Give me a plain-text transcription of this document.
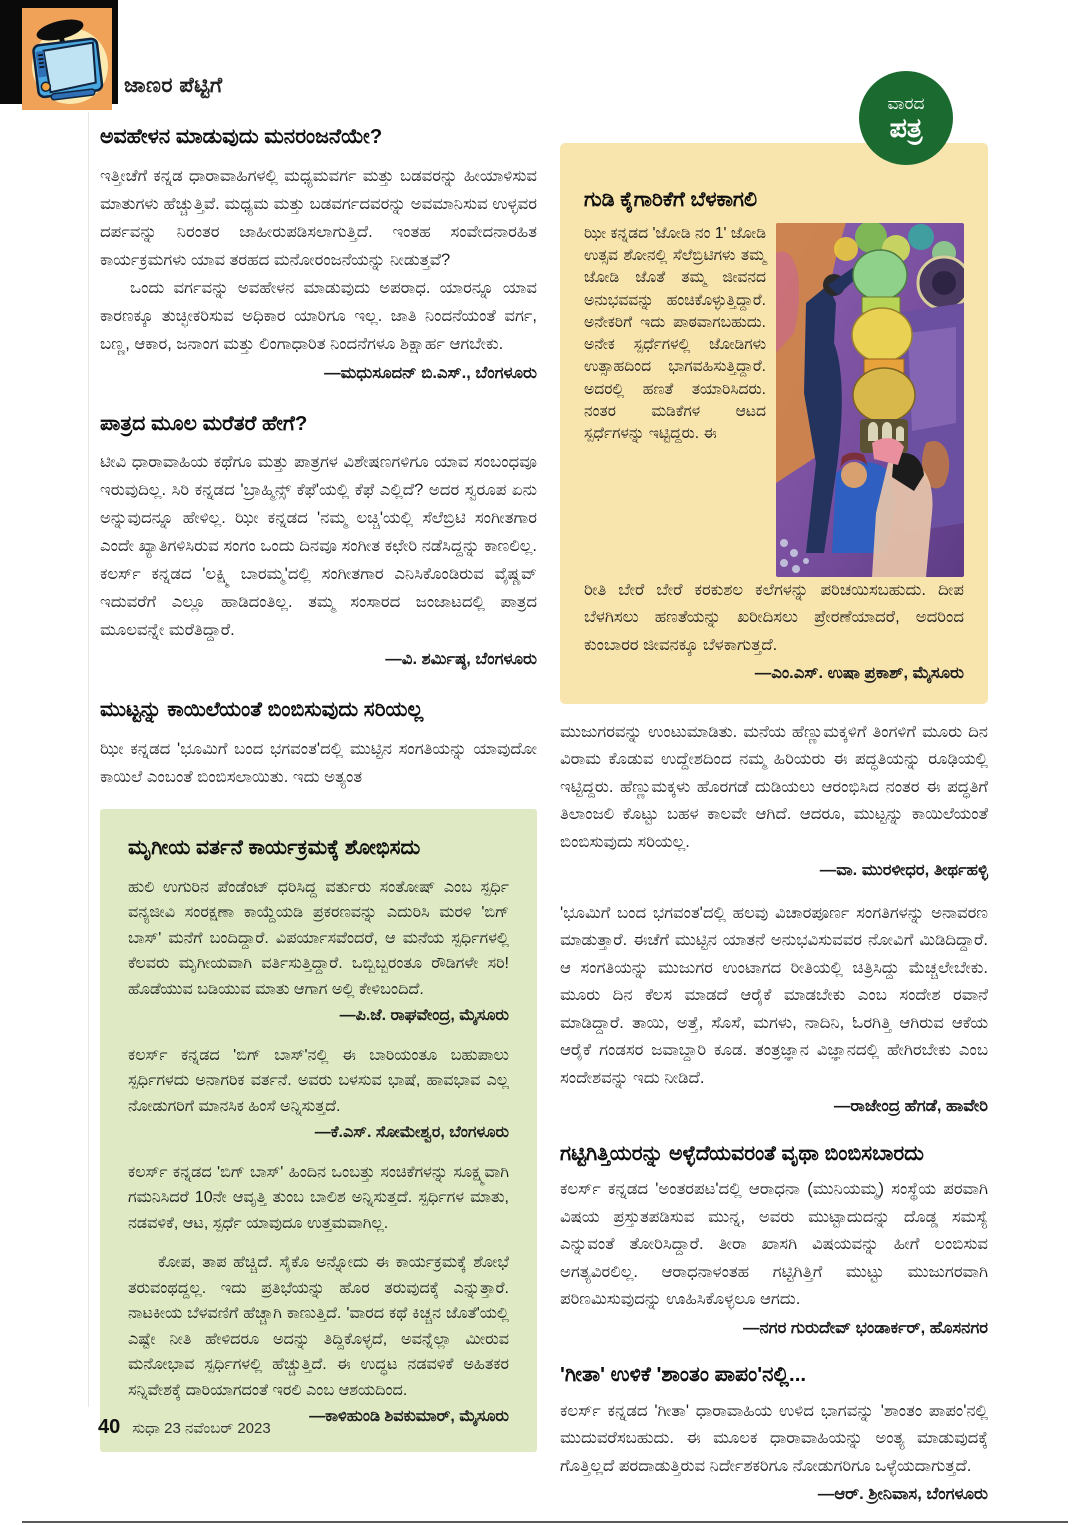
ಜಾಣರ ಪೆಟ್ಟಿಗೆ
ವಾರದ
ಪತ್ರ
ಅವಹೇಳನ ಮಾಡುವುದು ಮನರಂಜನೆಯೇ?

ಇತ್ತೀಚೆಗೆ ಕನ್ನಡ ಧಾರಾವಾಹಿಗಳಲ್ಲಿ ಮಧ್ಯಮವರ್ಗ ಮತ್ತು ಬಡವರನ್ನು ಹೀಯಾಳಿಸುವ ಮಾತುಗಳು ಹೆಚ್ಚುತ್ತಿವೆ. ಮಧ್ಯಮ ಮತ್ತು ಬಡವರ್ಗದವರನ್ನು ಅವಮಾನಿಸುವ ಉಳ್ಳವರ ದರ್ಪವನ್ನು ನಿರಂತರ ಜಾಹೀರುಪಡಿಸಲಾಗುತ್ತಿದೆ. ಇಂತಹ ಸಂವೇದನಾರಹಿತ ಕಾರ್ಯಕ್ರಮಗಳು ಯಾವ ತರಹದ ಮನೋರಂಜನೆಯನ್ನು ನೀಡುತ್ತವೆ?

ಒಂದು ವರ್ಗವನ್ನು ಅವಹೇಳನ ಮಾಡುವುದು ಅಪರಾಧ. ಯಾರನ್ನೂ ಯಾವ ಕಾರಣಕ್ಕೂ ತುಚ್ಛೀಕರಿಸುವ ಅಧಿಕಾರ ಯಾರಿಗೂ ಇಲ್ಲ. ಜಾತಿ ನಿಂದನೆಯಂತೆ ವರ್ಗ, ಬಣ್ಣ, ಆಕಾರ, ಜನಾಂಗ ಮತ್ತು ಲಿಂಗಾಧಾರಿತ ನಿಂದನೆಗಳೂ ಶಿಕ್ಷಾರ್ಹ ಆಗಬೇಕು.

—ಮಧುಸೂದನ್ ಬಿ.ಎಸ್., ಬೆಂಗಳೂರು

ಪಾತ್ರದ ಮೂಲ ಮರೆತರೆ ಹೇಗೆ?

ಟೀವಿ ಧಾರಾವಾಹಿಯ ಕಥೆಗೂ ಮತ್ತು ಪಾತ್ರಗಳ ವಿಶೇಷಣಗಳಿಗೂ ಯಾವ ಸಂಬಂಧವೂ ಇರುವುದಿಲ್ಲ. ಸಿರಿ ಕನ್ನಡದ 'ಬ್ರಾಹ್ಮಿನ್ಸ್ ಕೆಫೆ'ಯಲ್ಲಿ ಕೆಫೆ ಎಲ್ಲಿದೆ? ಅದರ ಸ್ವರೂಪ ಏನು ಅನ್ನುವುದನ್ನೂ ಹೇಳಿಲ್ಲ. ಝೀ ಕನ್ನಡದ 'ನಮ್ಮ ಲಚ್ಚಿ'ಯಲ್ಲಿ ಸೆಲೆಬ್ರಿಟಿ ಸಂಗೀತಗಾರ ಎಂದೇ ಖ್ಯಾತಿಗಳಿಸಿರುವ ಸಂಗಂ ಒಂದು ದಿನವೂ ಸಂಗೀತ ಕಛೇರಿ ನಡೆಸಿದ್ದನ್ನು ಕಾಣಲಿಲ್ಲ. ಕಲರ್ಸ್ ಕನ್ನಡದ 'ಲಕ್ಷ್ಮಿ ಬಾರಮ್ಮ'ದಲ್ಲಿ ಸಂಗೀತಗಾರ ಎನಿಸಿಕೊಂಡಿರುವ ವೈಷ್ಣವ್ ಇದುವರೆಗೆ ಎಲ್ಲೂ ಹಾಡಿದಂತಿಲ್ಲ. ತಮ್ಮ ಸಂಸಾರದ ಜಂಜಾಟದಲ್ಲಿ ಪಾತ್ರದ ಮೂಲವನ್ನೇ ಮರೆತಿದ್ದಾರೆ.

—ವಿ. ಶರ್ಮಿಷ್ಠ, ಬೆಂಗಳೂರು

ಮುಟ್ಟನ್ನು ಕಾಯಿಲೆಯಂತೆ ಬಿಂಬಿಸುವುದು ಸರಿಯಲ್ಲ

ಝೀ ಕನ್ನಡದ 'ಭೂಮಿಗೆ ಬಂದ ಭಗವಂತ'ದಲ್ಲಿ ಮುಟ್ಟಿನ ಸಂಗತಿಯನ್ನು ಯಾವುದೋ ಕಾಯಿಲೆ ಎಂಬಂತೆ ಬಿಂಬಿಸಲಾಯಿತು. ಇದು ಅತ್ಯಂತ

ಮೃಗೀಯ ವರ್ತನೆ ಕಾರ್ಯಕ್ರಮಕ್ಕೆ ಶೋಭಿಸದು

ಹುಲಿ ಉಗುರಿನ ಪೆಂಡೆಂಟ್ ಧರಿಸಿದ್ದ ವರ್ತುರು ಸಂತೋಷ್ ಎಂಬ ಸ್ಪರ್ಧಿ ವನ್ಯಜೀವಿ ಸಂರಕ್ಷಣಾ ಕಾಯ್ದೆಯಡಿ ಪ್ರಕರಣವನ್ನು ಎದುರಿಸಿ ಮರಳಿ 'ಬಿಗ್ ಬಾಸ್' ಮನೆಗೆ ಬಂದಿದ್ದಾರೆ. ವಿಪರ್ಯಾಸವೆಂದರೆ, ಆ ಮನೆಯ ಸ್ಪರ್ಧಿಗಳಲ್ಲಿ ಕೆಲವರು ಮೃಗೀಯವಾಗಿ ವರ್ತಿಸುತ್ತಿದ್ದಾರೆ. ಒಬ್ಬಿಬ್ಬರಂತೂ ರೌಡಿಗಳೇ ಸರಿ! ಹೊಡೆಯುವ ಬಡಿಯುವ ಮಾತು ಆಗಾಗ ಅಲ್ಲಿ ಕೇಳಿಬಂದಿದೆ.

—ಪಿ.ಜೆ. ರಾಘವೇಂದ್ರ, ಮೈಸೂರು

ಕಲರ್ಸ್ ಕನ್ನಡದ 'ಬಿಗ್ ಬಾಸ್'ನಲ್ಲಿ ಈ ಬಾರಿಯಂತೂ ಬಹುಪಾಲು ಸ್ಪರ್ಧಿಗಳದು ಅನಾಗರಿಕ ವರ್ತನೆ. ಅವರು ಬಳಸುವ ಭಾಷೆ, ಹಾವಭಾವ ಎಲ್ಲ ನೋಡುಗರಿಗೆ ಮಾನಸಿಕ ಹಿಂಸೆ ಅನ್ನಿಸುತ್ತದೆ.

—ಕೆ.ಎಸ್. ಸೋಮೇಶ್ವರ, ಬೆಂಗಳೂರು

ಕಲರ್ಸ್ ಕನ್ನಡದ 'ಬಿಗ್ ಬಾಸ್' ಹಿಂದಿನ ಒಂಬತ್ತು ಸಂಚಿಕೆಗಳನ್ನು ಸೂಕ್ಷ್ಮವಾಗಿ ಗಮನಿಸಿದರೆ 10ನೇ ಆವೃತ್ತಿ ತುಂಬ ಬಾಲಿಶ ಅನ್ನಿಸುತ್ತದೆ. ಸ್ಪರ್ಧಿಗಳ ಮಾತು, ನಡವಳಿಕೆ, ಆಟ, ಸ್ಪರ್ಧೆ ಯಾವುದೂ ಉತ್ತಮವಾಗಿಲ್ಲ.

ಕೋಪ, ತಾಪ ಹೆಚ್ಚಿದೆ. ಸೈಕೊ ಅನ್ನೋದು ಈ ಕಾರ್ಯಕ್ರಮಕ್ಕೆ ಶೋಭೆ ತರುವಂಥದ್ದಲ್ಲ. ಇದು ಪ್ರತಿಭೆಯನ್ನು ಹೊರ ತರುವುದಕ್ಕೆ ಎನ್ನುತ್ತಾರೆ. ನಾಟಕೀಯ ಬೆಳವಣಿಗೆ ಹೆಚ್ಚಾಗಿ ಕಾಣುತ್ತಿದೆ. 'ವಾರದ ಕಥೆ ಕಿಚ್ಚನ ಜೊತೆ'ಯಲ್ಲಿ ಎಷ್ಟೇ ನೀತಿ ಹೇಳಿದರೂ ಅದನ್ನು ತಿದ್ದಿಕೊಳ್ಳದೆ, ಅವನ್ನೆಲ್ಲಾ ಮೀರುವ ಮನೋಭಾವ ಸ್ಪರ್ಧಿಗಳಲ್ಲಿ ಹೆಚ್ಚುತ್ತಿದೆ. ಈ ಉದ್ಧಟ ನಡವಳಿಕೆ ಅಹಿತಕರ ಸನ್ನಿವೇಶಕ್ಕೆ ದಾರಿಯಾಗದಂತೆ ಇರಲಿ ಎಂಬ ಆಶಯದಿಂದ.

—ಕಾಳಿಹುಂಡಿ ಶಿವಕುಮಾರ್, ಮೈಸೂರು

ಗುಡಿ ಕೈಗಾರಿಕೆಗೆ ಬೆಳಕಾಗಲಿ

ಝೀ ಕನ್ನಡದ 'ಜೋಡಿ ನಂ 1' ಜೋಡಿ ಉತ್ಸವ ಶೋನಲ್ಲಿ ಸೆಲೆಬ್ರಿಟಿಗಳು ತಮ್ಮ ಜೋಡಿ ಜೊತೆ ತಮ್ಮ ಜೀವನದ ಅನುಭವವನ್ನು ಹಂಚಿಕೊಳ್ಳುತ್ತಿದ್ದಾರೆ. ಅನೇಕರಿಗೆ ಇದು ಪಾಠವಾಗಬಹುದು. ಅನೇಕ ಸ್ಪರ್ಧೆಗಳಲ್ಲಿ ಜೋಡಿಗಳು ಉತ್ಸಾಹದಿಂದ ಭಾಗವಹಿಸುತ್ತಿದ್ದಾರೆ. ಅದರಲ್ಲಿ ಹಣತೆ ತಯಾರಿಸಿದರು. ನಂತರ ಮಡಿಕೆಗಳ ಆಟದ ಸ್ಪರ್ಧೆಗಳನ್ನು ಇಟ್ಟಿದ್ದರು. ಈ

ರೀತಿ ಬೇರೆ ಬೇರೆ ಕರಕುಶಲ ಕಲೆಗಳನ್ನು ಪರಿಚಯಿಸಬಹುದು. ದೀಪ ಬೆಳಗಿಸಲು ಹಣತೆಯನ್ನು ಖರೀದಿಸಲು ಪ್ರೇರಣೆಯಾದರೆ, ಅದರಿಂದ ಕುಂಬಾರರ ಜೀವನಕ್ಕೂ ಬೆಳಕಾಗುತ್ತದೆ.

—ಎಂ.ಎಸ್. ಉಷಾ ಪ್ರಕಾಶ್, ಮೈಸೂರು

ಮುಜುಗರವನ್ನು ಉಂಟುಮಾಡಿತು. ಮನೆಯ ಹೆಣ್ಣುಮಕ್ಕಳಿಗೆ ತಿಂಗಳಿಗೆ ಮೂರು ದಿನ ವಿರಾಮ ಕೊಡುವ ಉದ್ದೇಶದಿಂದ ನಮ್ಮ ಹಿರಿಯರು ಈ ಪದ್ಧತಿಯನ್ನು ರೂಢಿಯಲ್ಲಿ ಇಟ್ಟಿದ್ದರು. ಹೆಣ್ಣುಮಕ್ಕಳು ಹೊರಗಡೆ ದುಡಿಯಲು ಆರಂಭಿಸಿದ ನಂತರ ಈ ಪದ್ಧತಿಗೆ ತಿಲಾಂಜಲಿ ಕೊಟ್ಟು ಬಹಳ ಕಾಲವೇ ಆಗಿದೆ. ಆದರೂ, ಮುಟ್ಟನ್ನು ಕಾಯಿಲೆಯಂತೆ ಬಿಂಬಿಸುವುದು ಸರಿಯಲ್ಲ.

—ವಾ. ಮುರಳೀಧರ, ತೀರ್ಥಹಳ್ಳಿ

'ಭೂಮಿಗೆ ಬಂದ ಭಗವಂತ'ದಲ್ಲಿ ಹಲವು ವಿಚಾರಪೂರ್ಣ ಸಂಗತಿಗಳನ್ನು ಅನಾವರಣ ಮಾಡುತ್ತಾರೆ. ಈಚೆಗೆ ಮುಟ್ಟಿನ ಯಾತನೆ ಅನುಭವಿಸುವವರ ನೋವಿಗೆ ಮಿಡಿದಿದ್ದಾರೆ. ಆ ಸಂಗತಿಯನ್ನು ಮುಜುಗರ ಉಂಟಾಗದ ರೀತಿಯಲ್ಲಿ ಚಿತ್ರಿಸಿದ್ದು ಮೆಚ್ಚಲೇಬೇಕು. ಮೂರು ದಿನ ಕೆಲಸ ಮಾಡದೆ ಆರೈಕೆ ಮಾಡಬೇಕು ಎಂಬ ಸಂದೇಶ ರವಾನೆ ಮಾಡಿದ್ದಾರೆ. ತಾಯಿ, ಅತ್ತೆ, ಸೊಸೆ, ಮಗಳು, ನಾದಿನಿ, ಓರಗಿತ್ತಿ ಆಗಿರುವ ಆಕೆಯ ಆರೈಕೆ ಗಂಡಸರ ಜವಾಬ್ದಾರಿ ಕೂಡ. ತಂತ್ರಜ್ಞಾನ ವಿಜ್ಞಾನದಲ್ಲಿ ಹೇಗಿರಬೇಕು ಎಂಬ ಸಂದೇಶವನ್ನು ಇದು ನೀಡಿದೆ.

—ರಾಜೇಂದ್ರ ಹೆಗಡೆ, ಹಾವೇರಿ

ಗಟ್ಟಿಗಿತ್ತಿಯರನ್ನು ಅಳ್ಳೆದೆಯವರಂತೆ ವೃಥಾ ಬಿಂಬಿಸಬಾರದು

ಕಲರ್ಸ್ ಕನ್ನಡದ 'ಅಂತರಪಟ'ದಲ್ಲಿ ಆರಾಧನಾ (ಮುನಿಯಮ್ಮ) ಸಂಸ್ಥೆಯ ಪರವಾಗಿ ವಿಷಯ ಪ್ರಸ್ತುತಪಡಿಸುವ ಮುನ್ನ, ಅವರು ಮುಟ್ಟಾದುದನ್ನು ದೊಡ್ಡ ಸಮಸ್ಯೆ ಎನ್ನುವಂತೆ ತೋರಿಸಿದ್ದಾರೆ. ತೀರಾ ಖಾಸಗಿ ವಿಷಯವನ್ನು ಹೀಗೆ ಲಂಬಿಸುವ ಅಗತ್ಯವಿರಲಿಲ್ಲ. ಆರಾಧನಾಳಂತಹ ಗಟ್ಟಿಗಿತ್ತಿಗೆ ಮುಟ್ಟು ಮುಜುಗರವಾಗಿ ಪರಿಣಮಿಸುವುದನ್ನು ಊಹಿಸಿಕೊಳ್ಳಲೂ ಆಗದು.

—ನಗರ ಗುರುದೇವ್ ಭಂಡಾರ್ಕರ್, ಹೊಸನಗರ

'ಗೀತಾ' ಉಳಿಕೆ 'ಶಾಂತಂ ಪಾಪಂ'ನಲ್ಲಿ...

ಕಲರ್ಸ್ ಕನ್ನಡದ 'ಗೀತಾ' ಧಾರಾವಾಹಿಯ ಉಳಿದ ಭಾಗವನ್ನು 'ಶಾಂತಂ ಪಾಪಂ'ನಲ್ಲಿ ಮುದುವರೆಸಬಹುದು. ಈ ಮೂಲಕ ಧಾರಾವಾಹಿಯನ್ನು ಅಂತ್ಯ ಮಾಡುವುದಕ್ಕೆ ಗೊತ್ತಿಲ್ಲದೆ ಪರದಾಡುತ್ತಿರುವ ನಿರ್ದೇಶಕರಿಗೂ ನೋಡುಗರಿಗೂ ಒಳ್ಳೆಯದಾಗುತ್ತದೆ.

—ಆರ್. ಶ್ರೀನಿವಾಸ, ಬೆಂಗಳೂರು

40 ಸುಧಾ 23 ನವೆಂಬರ್ 2023
